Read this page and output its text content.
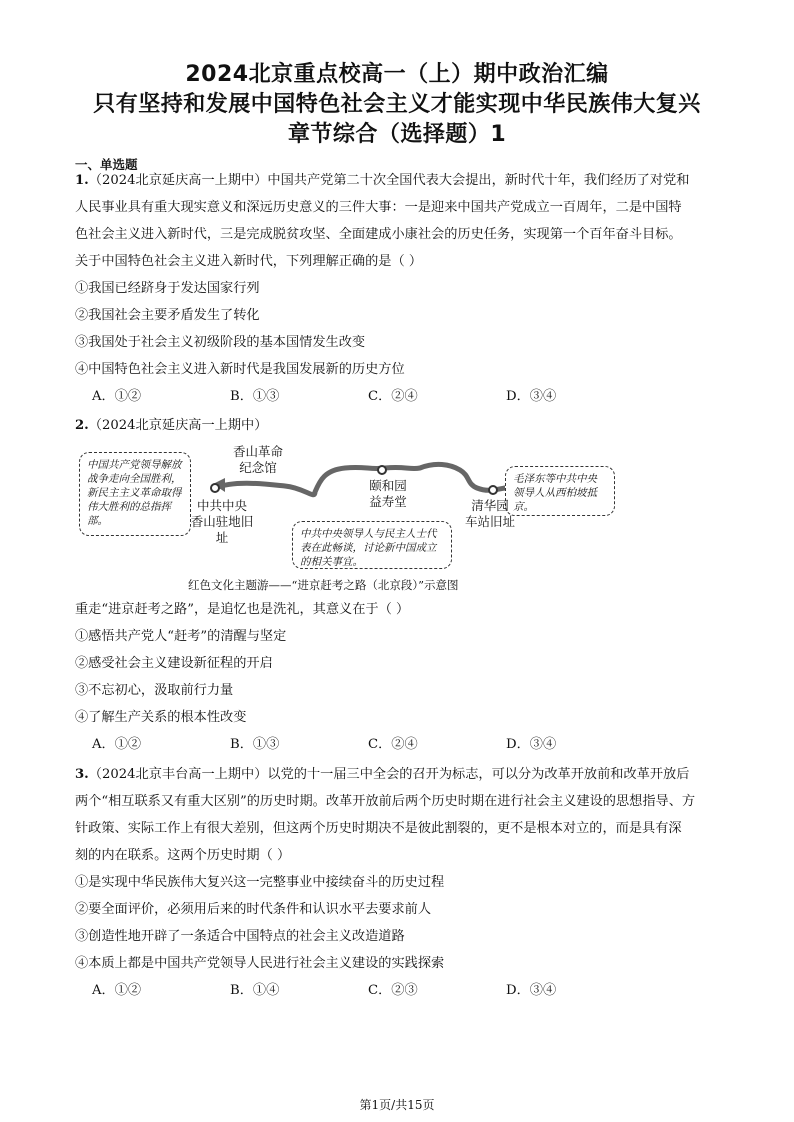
2024北京重点校高一（上）期中政治汇编
只有坚持和发展中国特色社会主义才能实现中华民族伟大复兴
章节综合（选择题）1
一、单选题

1.（2024北京延庆高一上期中）中国共产党第二十次全国代表大会提出，新时代十年，我们经历了对党和

人民事业具有重大现实意义和深远历史意义的三件大事：一是迎来中国共产党成立一百周年，二是中国特

色社会主义进入新时代，三是完成脱贫攻坚、全面建成小康社会的历史任务，实现第一个百年奋斗目标。

关于中国特色社会主义进入新时代，下列理解正确的是（ ）

①我国已经跻身于发达国家行列

②我国社会主要矛盾发生了转化

③我国处于社会主义初级阶段的基本国情发生改变

④中国特色社会主义进入新时代是我国发展新的历史方位

A．①②	B．①③	C．②④	D．③④

2.（2024北京延庆高一上期中）

中国共产党领导解放战争走向全国胜利，新民主主义革命取得伟大胜利的总指挥部。
毛泽东等中共中央领导人从西柏坡抵京。
中共中央领导人与民主人士代表在此畅谈，讨论新中国成立的相关事宜。
香山革命
纪念馆
中共中央
香山驻地旧址
颐和园
益寿堂	清华园
车站旧址
红色文化主题游——“进京赶考之路（北京段）”示意图

重走“进京赶考之路”，是追忆也是洗礼，其意义在于（ ）

①感悟共产党人“赶考”的清醒与坚定

②感受社会主义建设新征程的开启

③不忘初心，汲取前行力量

④了解生产关系的根本性改变

A．①②	B．①③	C．②④	D．③④

3.（2024北京丰台高一上期中）以党的十一届三中全会的召开为标志，可以分为改革开放前和改革开放后

两个“相互联系又有重大区别”的历史时期。改革开放前后两个历史时期在进行社会主义建设的思想指导、方

针政策、实际工作上有很大差别，但这两个历史时期决不是彼此割裂的，更不是根本对立的，而是具有深

刻的内在联系。这两个历史时期（ ）

①是实现中华民族伟大复兴这一完整事业中接续奋斗的历史过程

②要全面评价，必须用后来的时代条件和认识水平去要求前人

③创造性地开辟了一条适合中国特点的社会主义改造道路

④本质上都是中国共产党领导人民进行社会主义建设的实践探索

A．①②	B．①④	C．②③	D．③④
第1页/共15页
